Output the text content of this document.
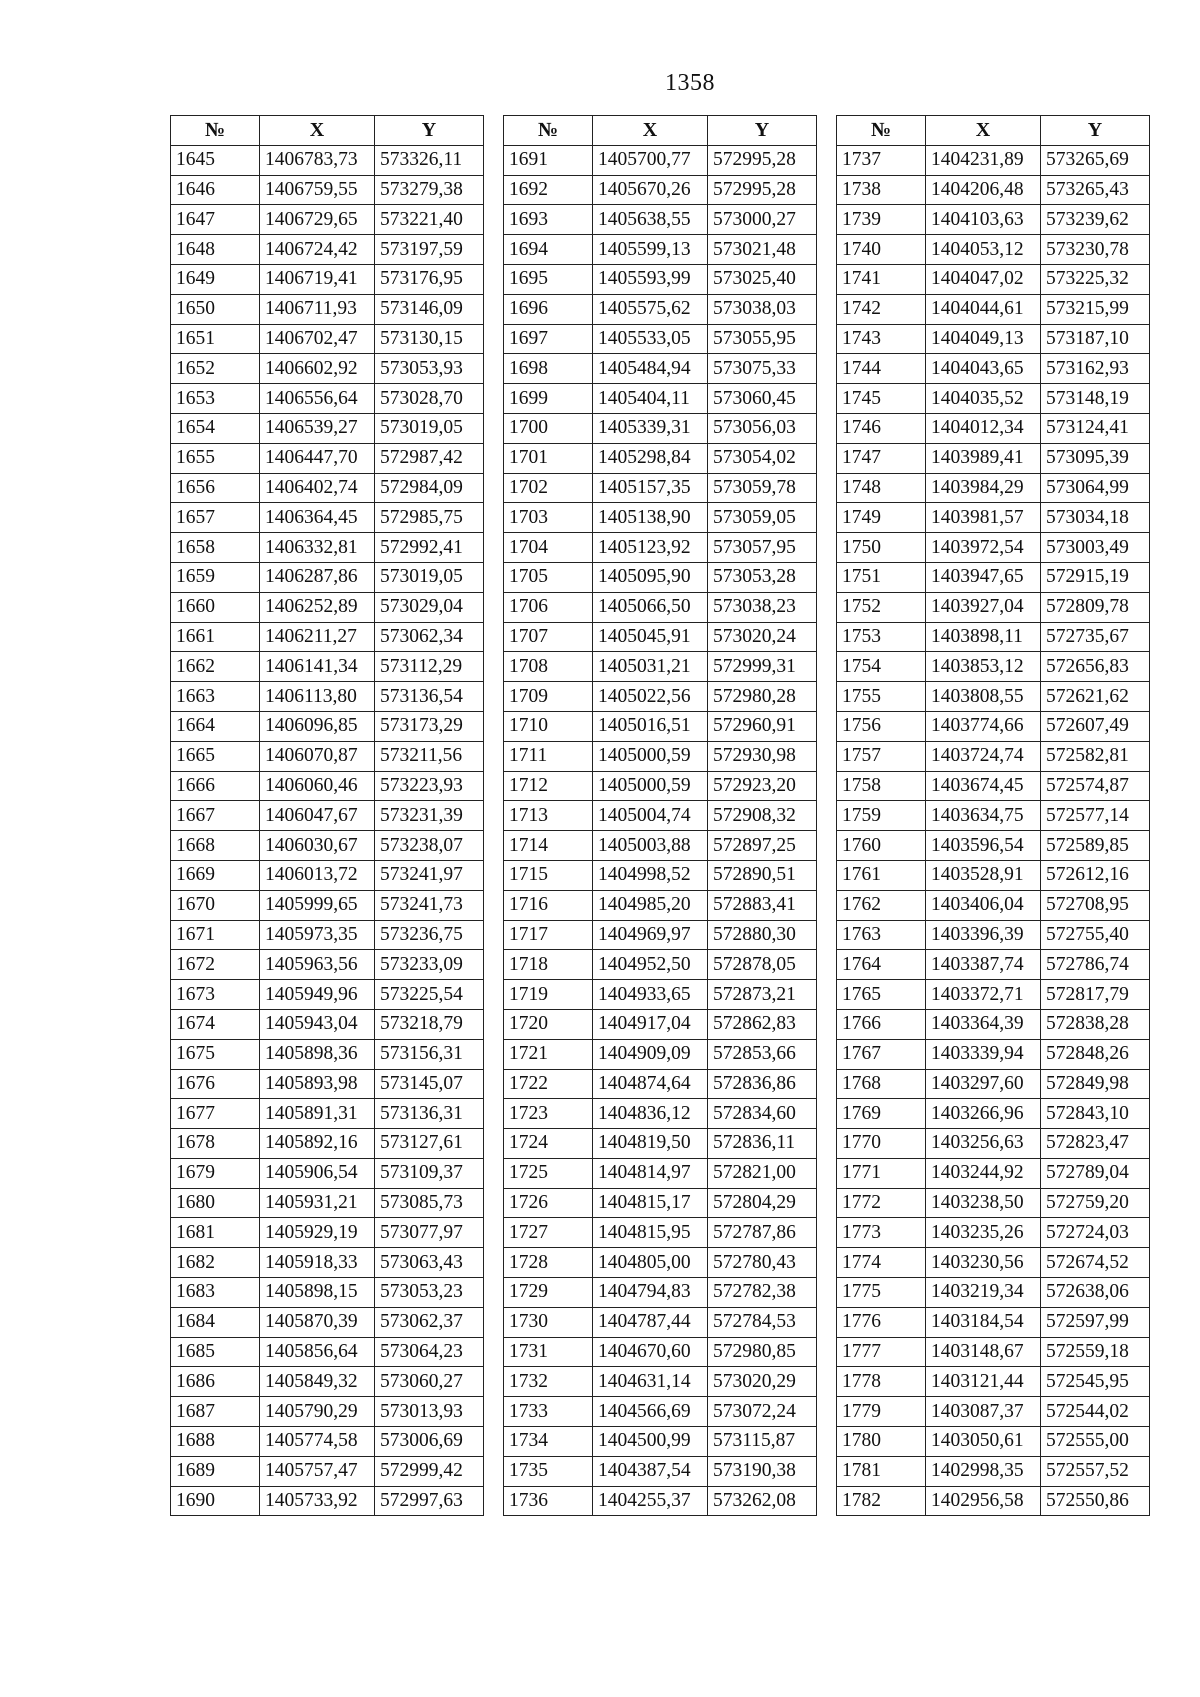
1358
№	X	Y
1645	1406783,73	573326,11
1646	1406759,55	573279,38
1647	1406729,65	573221,40
1648	1406724,42	573197,59
1649	1406719,41	573176,95
1650	1406711,93	573146,09
1651	1406702,47	573130,15
1652	1406602,92	573053,93
1653	1406556,64	573028,70
1654	1406539,27	573019,05
1655	1406447,70	572987,42
1656	1406402,74	572984,09
1657	1406364,45	572985,75
1658	1406332,81	572992,41
1659	1406287,86	573019,05
1660	1406252,89	573029,04
1661	1406211,27	573062,34
1662	1406141,34	573112,29
1663	1406113,80	573136,54
1664	1406096,85	573173,29
1665	1406070,87	573211,56
1666	1406060,46	573223,93
1667	1406047,67	573231,39
1668	1406030,67	573238,07
1669	1406013,72	573241,97
1670	1405999,65	573241,73
1671	1405973,35	573236,75
1672	1405963,56	573233,09
1673	1405949,96	573225,54
1674	1405943,04	573218,79
1675	1405898,36	573156,31
1676	1405893,98	573145,07
1677	1405891,31	573136,31
1678	1405892,16	573127,61
1679	1405906,54	573109,37
1680	1405931,21	573085,73
1681	1405929,19	573077,97
1682	1405918,33	573063,43
1683	1405898,15	573053,23
1684	1405870,39	573062,37
1685	1405856,64	573064,23
1686	1405849,32	573060,27
1687	1405790,29	573013,93
1688	1405774,58	573006,69
1689	1405757,47	572999,42
1690	1405733,92	572997,63
№	X	Y
1691	1405700,77	572995,28
1692	1405670,26	572995,28
1693	1405638,55	573000,27
1694	1405599,13	573021,48
1695	1405593,99	573025,40
1696	1405575,62	573038,03
1697	1405533,05	573055,95
1698	1405484,94	573075,33
1699	1405404,11	573060,45
1700	1405339,31	573056,03
1701	1405298,84	573054,02
1702	1405157,35	573059,78
1703	1405138,90	573059,05
1704	1405123,92	573057,95
1705	1405095,90	573053,28
1706	1405066,50	573038,23
1707	1405045,91	573020,24
1708	1405031,21	572999,31
1709	1405022,56	572980,28
1710	1405016,51	572960,91
1711	1405000,59	572930,98
1712	1405000,59	572923,20
1713	1405004,74	572908,32
1714	1405003,88	572897,25
1715	1404998,52	572890,51
1716	1404985,20	572883,41
1717	1404969,97	572880,30
1718	1404952,50	572878,05
1719	1404933,65	572873,21
1720	1404917,04	572862,83
1721	1404909,09	572853,66
1722	1404874,64	572836,86
1723	1404836,12	572834,60
1724	1404819,50	572836,11
1725	1404814,97	572821,00
1726	1404815,17	572804,29
1727	1404815,95	572787,86
1728	1404805,00	572780,43
1729	1404794,83	572782,38
1730	1404787,44	572784,53
1731	1404670,60	572980,85
1732	1404631,14	573020,29
1733	1404566,69	573072,24
1734	1404500,99	573115,87
1735	1404387,54	573190,38
1736	1404255,37	573262,08
№	X	Y
1737	1404231,89	573265,69
1738	1404206,48	573265,43
1739	1404103,63	573239,62
1740	1404053,12	573230,78
1741	1404047,02	573225,32
1742	1404044,61	573215,99
1743	1404049,13	573187,10
1744	1404043,65	573162,93
1745	1404035,52	573148,19
1746	1404012,34	573124,41
1747	1403989,41	573095,39
1748	1403984,29	573064,99
1749	1403981,57	573034,18
1750	1403972,54	573003,49
1751	1403947,65	572915,19
1752	1403927,04	572809,78
1753	1403898,11	572735,67
1754	1403853,12	572656,83
1755	1403808,55	572621,62
1756	1403774,66	572607,49
1757	1403724,74	572582,81
1758	1403674,45	572574,87
1759	1403634,75	572577,14
1760	1403596,54	572589,85
1761	1403528,91	572612,16
1762	1403406,04	572708,95
1763	1403396,39	572755,40
1764	1403387,74	572786,74
1765	1403372,71	572817,79
1766	1403364,39	572838,28
1767	1403339,94	572848,26
1768	1403297,60	572849,98
1769	1403266,96	572843,10
1770	1403256,63	572823,47
1771	1403244,92	572789,04
1772	1403238,50	572759,20
1773	1403235,26	572724,03
1774	1403230,56	572674,52
1775	1403219,34	572638,06
1776	1403184,54	572597,99
1777	1403148,67	572559,18
1778	1403121,44	572545,95
1779	1403087,37	572544,02
1780	1403050,61	572555,00
1781	1402998,35	572557,52
1782	1402956,58	572550,86
